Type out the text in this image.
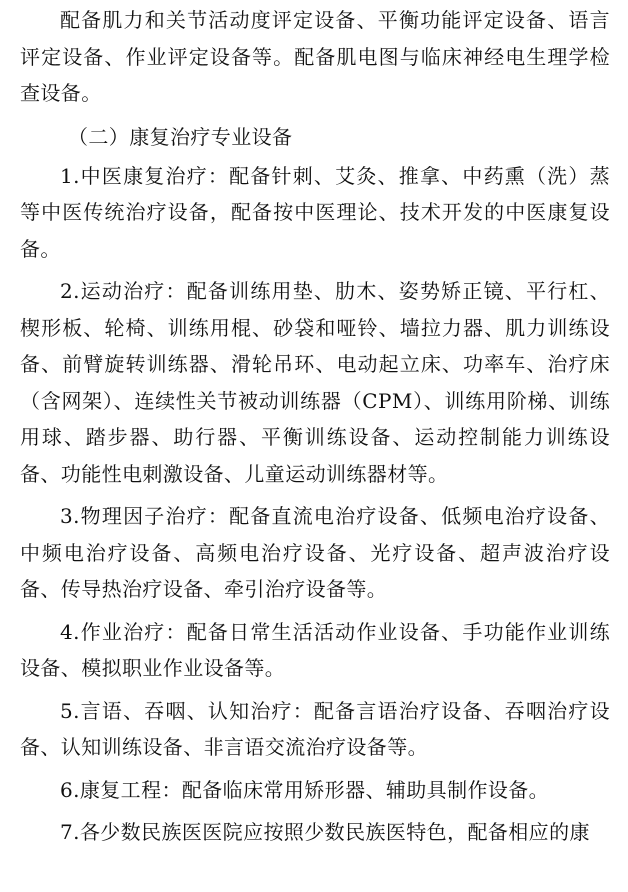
配备肌力和关节活动度评定设备、平衡功能评定设备、语言评定设备、作业评定设备等。配备肌电图与临床神经电生理学检查设备。

（二）康复治疗专业设备

1.中医康复治疗：配备针刺、艾灸、推拿、中药熏（洗）蒸等中医传统治疗设备，配备按中医理论、技术开发的中医康复设备。

2.运动治疗：配备训练用垫、肋木、姿势矫正镜、平行杠、楔形板、轮椅、训练用棍、砂袋和哑铃、墙拉力器、肌力训练设备、前臂旋转训练器、滑轮吊环、电动起立床、功率车、治疗床（含网架）、连续性关节被动训练器（CPM）、训练用阶梯、训练用球、踏步器、助行器、平衡训练设备、运动控制能力训练设备、功能性电刺激设备、儿童运动训练器材等。

3.物理因子治疗：配备直流电治疗设备、低频电治疗设备、中频电治疗设备、高频电治疗设备、光疗设备、超声波治疗设备、传导热治疗设备、牵引治疗设备等。

4.作业治疗：配备日常生活活动作业设备、手功能作业训练设备、模拟职业作业设备等。

5.言语、吞咽、认知治疗：配备言语治疗设备、吞咽治疗设备、认知训练设备、非言语交流治疗设备等。

6.康复工程：配备临床常用矫形器、辅助具制作设备。

7.各少数民族医医院应按照少数民族医特色，配备相应的康
